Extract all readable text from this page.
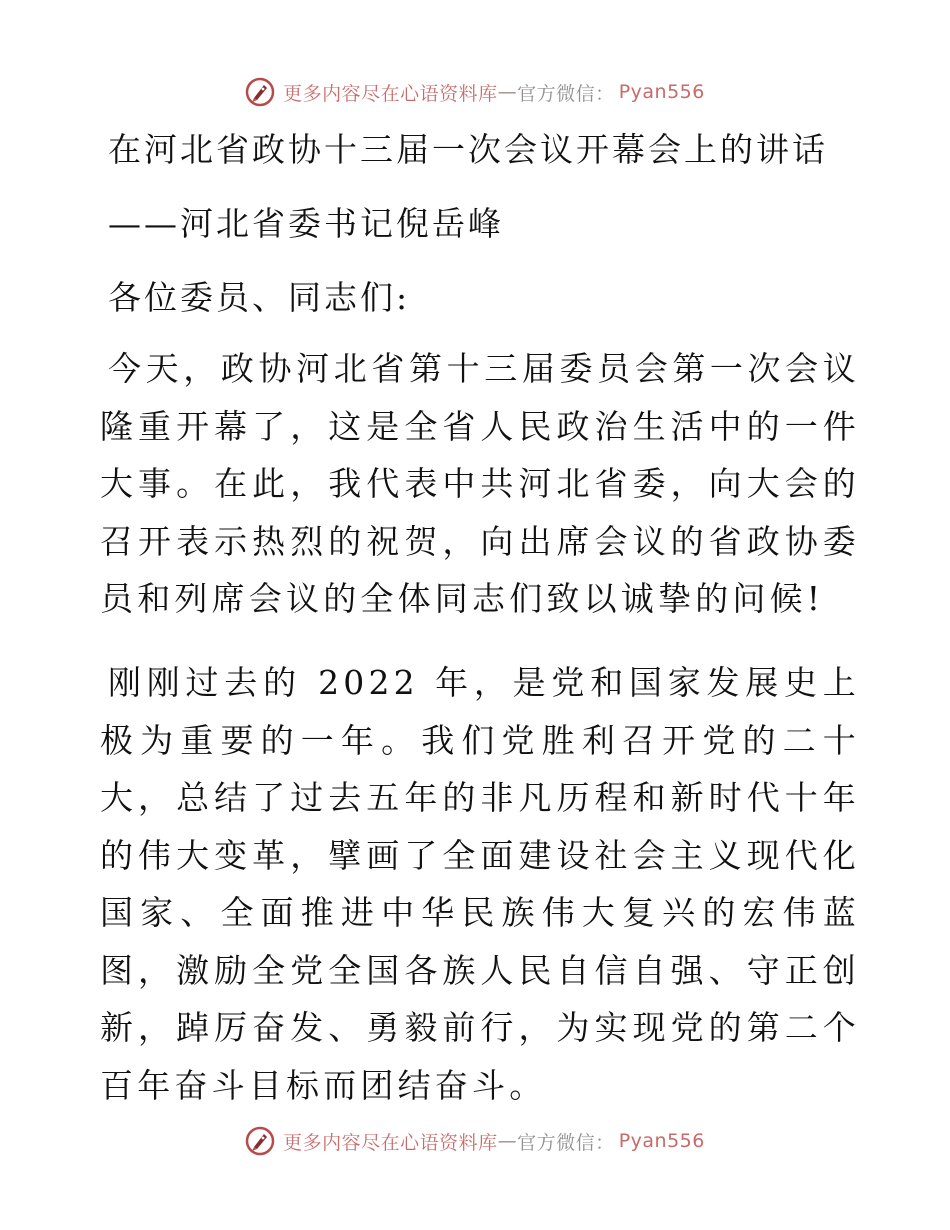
更多内容尽在心语资料库 — 官方微信： Pyan556
在河北省政协十三届一次会议开幕会上的讲话
——河北省委书记倪岳峰
各位委员、同志们:
今天，政协河北省第十三届委员会第一次会议隆重开幕了，这是全省人民政治生活中的一件大事。在此，我代表中共河北省委，向大会的召开表示热烈的祝贺，向出席会议的省政协委员和列席会议的全体同志们致以诚挚的问候!
刚刚过去的 2022 年，是党和国家发展史上极为重要的一年。我们党胜利召开党的二十大，总结了过去五年的非凡历程和新时代十年的伟大变革，擘画了全面建设社会主义现代化国家、全面推进中华民族伟大复兴的宏伟蓝图，激励全党全国各族人民自信自强、守正创新，踔厉奋发、勇毅前行，为实现党的第二个百年奋斗目标而团结奋斗。
更多内容尽在心语资料库 — 官方微信： Pyan556
